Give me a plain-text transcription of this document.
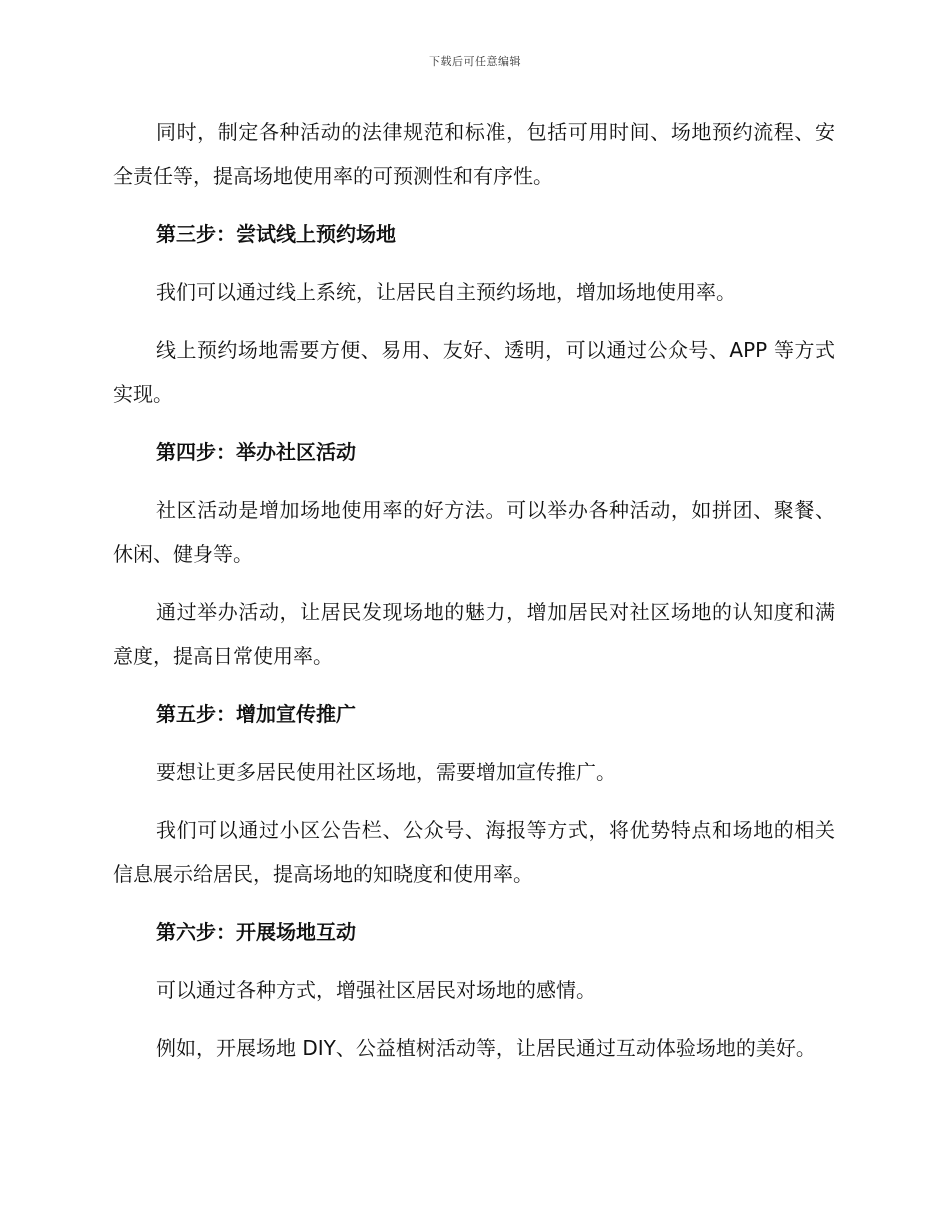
下载后可任意编辑

同时，制定各种活动的法律规范和标准，包括可用时间、场地预约流程、安全责任等，提高场地使用率的可预测性和有序性。

第三步：尝试线上预约场地

我们可以通过线上系统，让居民自主预约场地，增加场地使用率。

线上预约场地需要方便、易用、友好、透明，可以通过公众号、APP 等方式实现。

第四步：举办社区活动

社区活动是增加场地使用率的好方法。可以举办各种活动，如拼团、聚餐、休闲、健身等。

通过举办活动，让居民发现场地的魅力，增加居民对社区场地的认知度和满意度，提高日常使用率。

第五步：增加宣传推广

要想让更多居民使用社区场地，需要增加宣传推广。

我们可以通过小区公告栏、公众号、海报等方式，将优势特点和场地的相关信息展示给居民，提高场地的知晓度和使用率。

第六步：开展场地互动

可以通过各种方式，增强社区居民对场地的感情。

例如，开展场地 DIY、公益植树活动等，让居民通过互动体验场地的美好。
